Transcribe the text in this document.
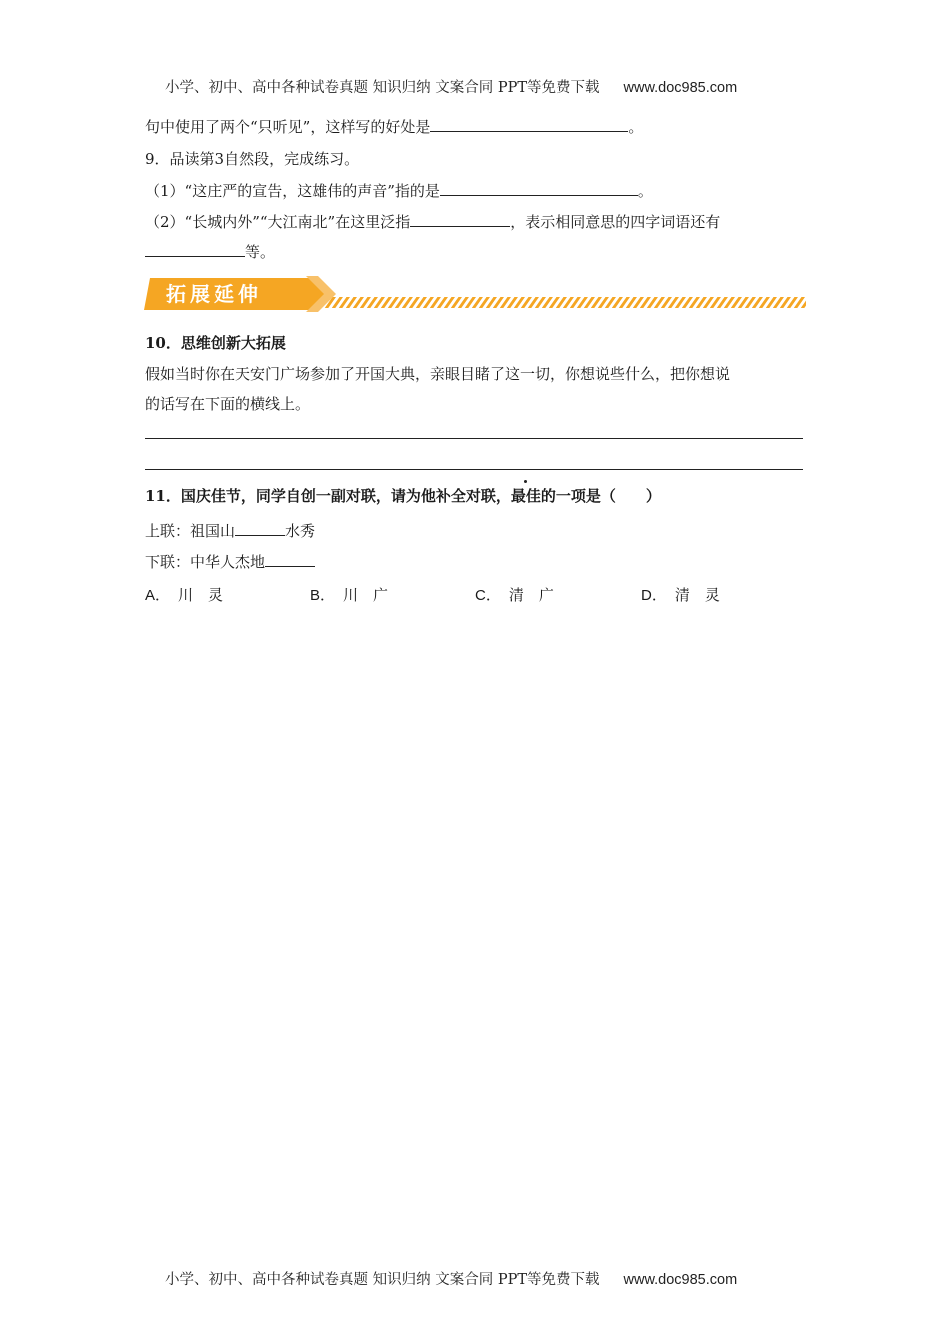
小学、初中、高中各种试卷真题 知识归纳 文案合同 PPT等免费下载 www.doc985.com
句中使用了两个“只听见”，这样写的好处是	。
9．品读第3自然段，完成练习。
（1）“这庄严的宣告，这雄伟的声音”指的是	。
（2）“长城内外”“大江南北”在这里泛指	，表示相同意思的四字词语还有
等。
拓展延伸
10．思维创新大拓展
假如当时你在天安门广场参加了开国大典，亲眼目睹了这一切，你想说些什么，把你想说
的话写在下面的横线上。
11．国庆佳节，同学自创一副对联，请为他补全对联，最佳的一项是（　　）
上联：祖国山	水秀
下联：中华人杰地
A． 川　灵	B． 川　广	C． 清　广	D． 清　灵
小学、初中、高中各种试卷真题 知识归纳 文案合同 PPT等免费下载 www.doc985.com
